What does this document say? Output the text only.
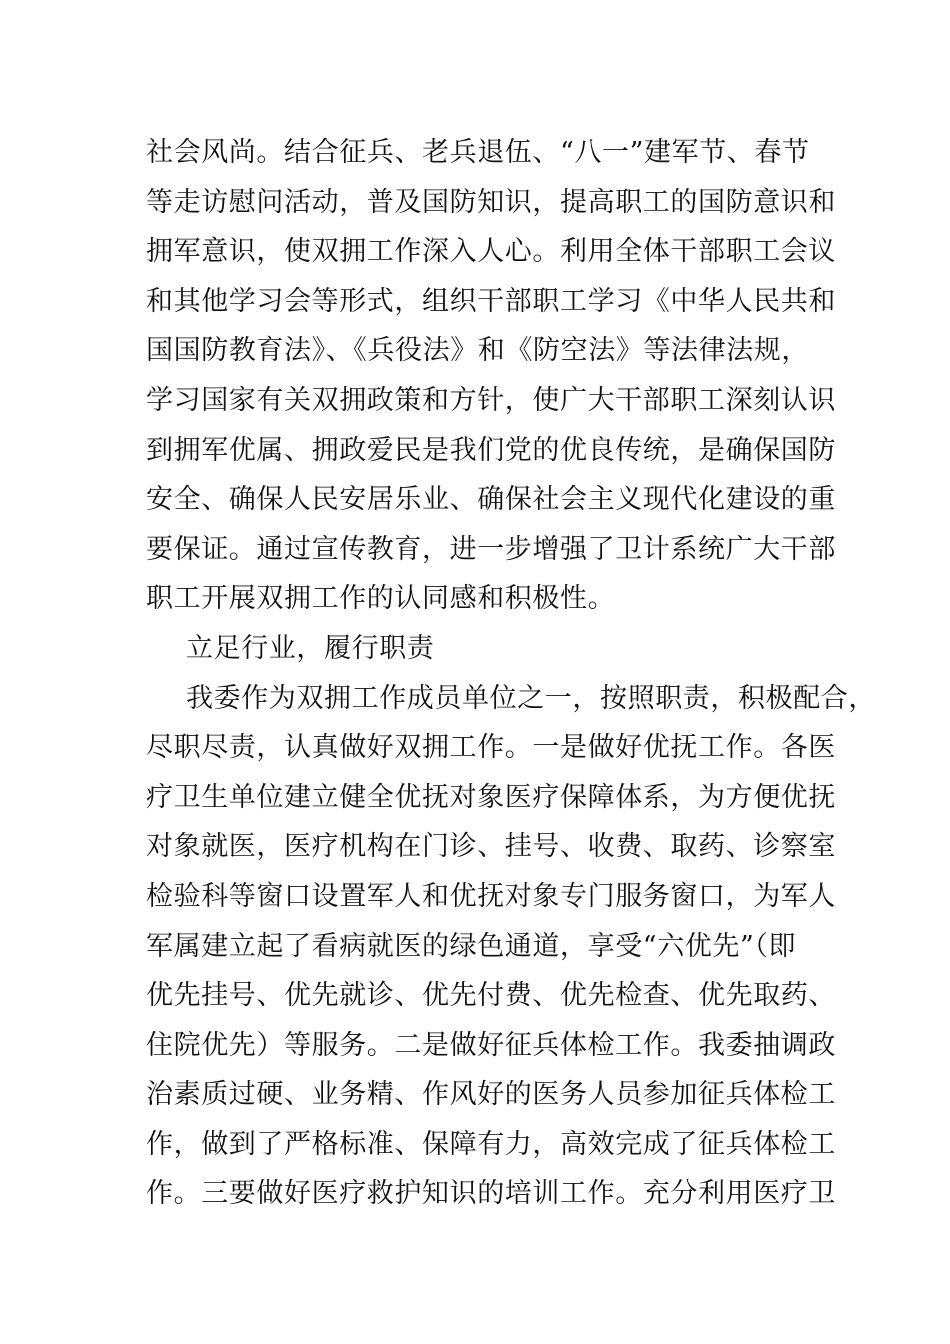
社会风尚。结合征兵、老兵退伍、“八一”建军节、春节
等走访慰问活动，普及国防知识，提高职工的国防意识和
拥军意识，使双拥工作深入人心。利用全体干部职工会议
和其他学习会等形式，组织干部职工学习《中华人民共和
国国防教育法》、《兵役法》和《防空法》等法律法规，
学习国家有关双拥政策和方针，使广大干部职工深刻认识
到拥军优属、拥政爱民是我们党的优良传统，是确保国防
安全、确保人民安居乐业、确保社会主义现代化建设的重
要保证。通过宣传教育，进一步增强了卫计系统广大干部
职工开展双拥工作的认同感和积极性。
立足行业，履行职责
我委作为双拥工作成员单位之一，按照职责，积极配合，
尽职尽责，认真做好双拥工作。一是做好优抚工作。各医
疗卫生单位建立健全优抚对象医疗保障体系，为方便优抚
对象就医，医疗机构在门诊、挂号、收费、取药、诊察室
检验科等窗口设置军人和优抚对象专门服务窗口，为军人
军属建立起了看病就医的绿色通道，享受“六优先”（即
优先挂号、优先就诊、优先付费、优先检查、优先取药、
住院优先）等服务。二是做好征兵体检工作。我委抽调政
治素质过硬、业务精、作风好的医务人员参加征兵体检工
作，做到了严格标准、保障有力，高效完成了征兵体检工
作。三要做好医疗救护知识的培训工作。充分利用医疗卫
